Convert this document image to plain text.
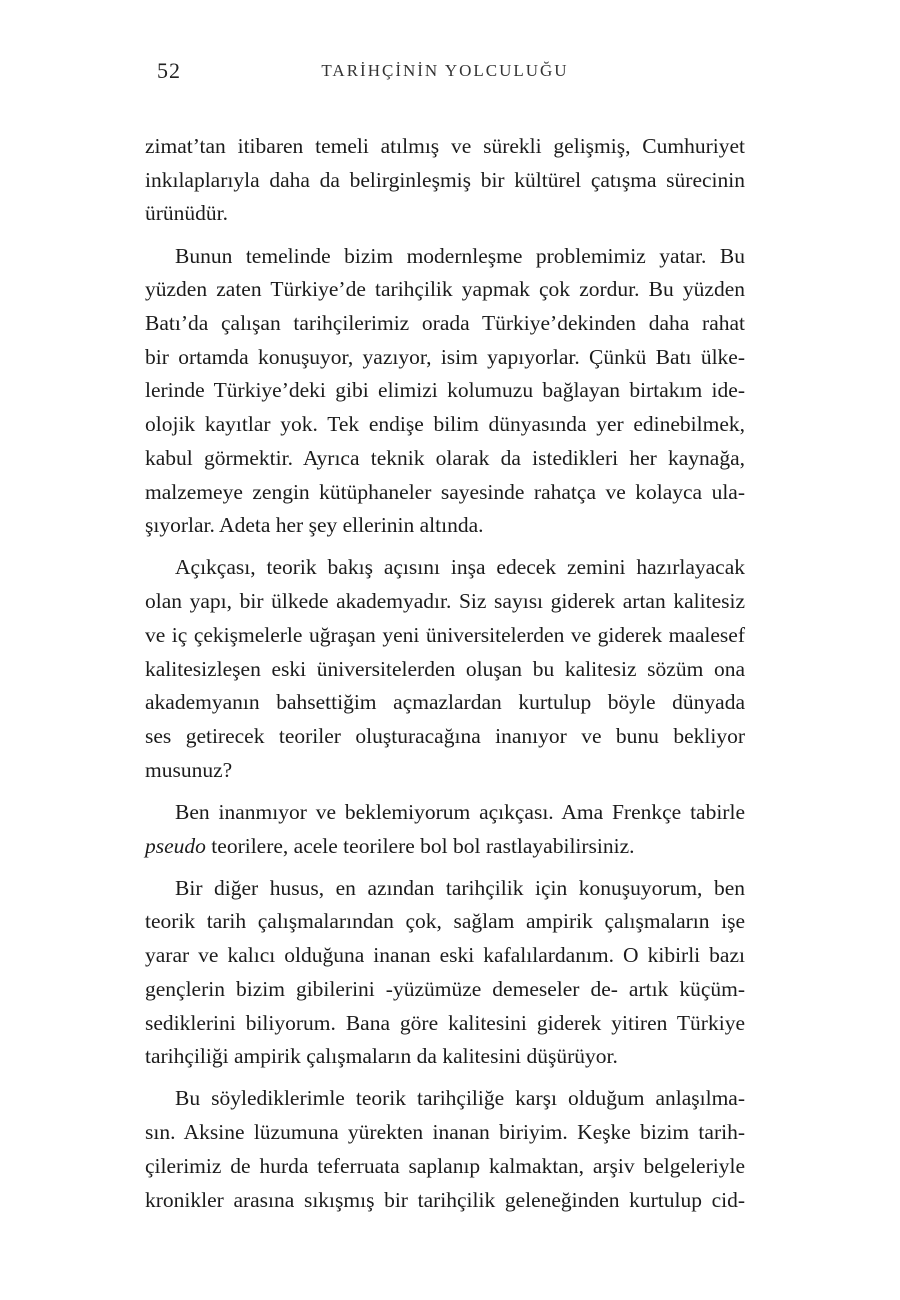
52	TARİHÇİNİN YOLCULUĞU
zimat’tan itibaren temeli atılmış ve sürekli gelişmiş, Cumhuriyet
inkılaplarıyla daha da belirginleşmiş bir kültürel çatışma sürecinin
ürünüdür.
Bunun temelinde bizim modernleşme problemimiz yatar. Bu
yüzden zaten Türkiye’de tarihçilik yapmak çok zordur. Bu yüzden
Batı’da çalışan tarihçilerimiz orada Türkiye’dekinden daha rahat
bir ortamda konuşuyor, yazıyor, isim yapıyorlar. Çünkü Batı ülke-
lerinde Türkiye’deki gibi elimizi kolumuzu bağlayan birtakım ide-
olojik kayıtlar yok. Tek endişe bilim dünyasında yer edinebilmek,
kabul görmektir. Ayrıca teknik olarak da istedikleri her kaynağa,
malzemeye zengin kütüphaneler sayesinde rahatça ve kolayca ula-
şıyorlar. Adeta her şey ellerinin altında.
Açıkçası, teorik bakış açısını inşa edecek zemini hazırlayacak
olan yapı, bir ülkede akademyadır. Siz sayısı giderek artan kalitesiz
ve iç çekişmelerle uğraşan yeni üniversitelerden ve giderek maalesef
kalitesizleşen eski üniversitelerden oluşan bu kalitesiz sözüm ona
akademyanın bahsettiğim açmazlardan kurtulup böyle dünyada
ses getirecek teoriler oluşturacağına inanıyor ve bunu bekliyor
musunuz?
Ben inanmıyor ve beklemiyorum açıkçası. Ama Frenkçe tabirle
pseudo teorilere, acele teorilere bol bol rastlayabilirsiniz.
Bir diğer husus, en azından tarihçilik için konuşuyorum, ben
teorik tarih çalışmalarından çok, sağlam ampirik çalışmaların işe
yarar ve kalıcı olduğuna inanan eski kafalılardanım. O kibirli bazı
gençlerin bizim gibilerini -yüzümüze demeseler de- artık küçüm-
sediklerini biliyorum. Bana göre kalitesini giderek yitiren Türkiye
tarihçiliği ampirik çalışmaların da kalitesini düşürüyor.
Bu söylediklerimle teorik tarihçiliğe karşı olduğum anlaşılma-
sın. Aksine lüzumuna yürekten inanan biriyim. Keşke bizim tarih-
çilerimiz de hurda teferruata saplanıp kalmaktan, arşiv belgeleriyle
kronikler arasına sıkışmış bir tarihçilik geleneğinden kurtulup cid-
